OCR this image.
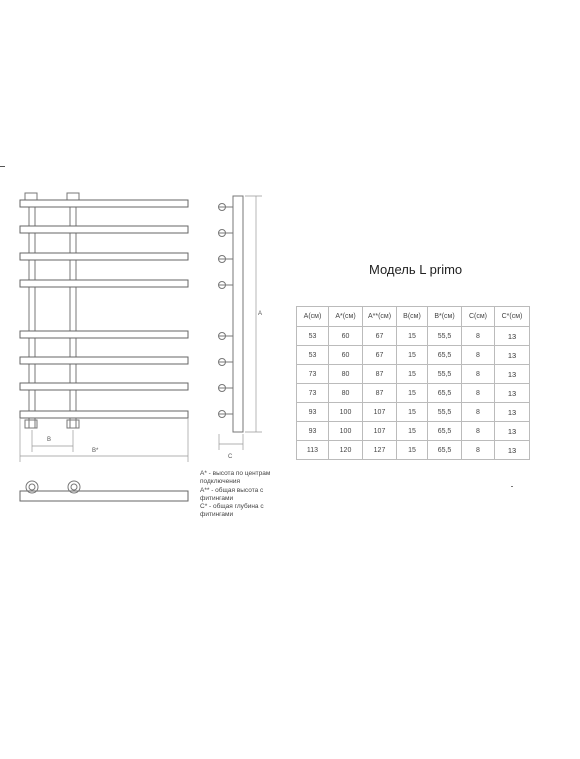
B
B*
A
C
Модель L primo
A(см)	A*(см)	A**(см)	B(см)	B*(см)	C(см)	C*(см)
53	60	67	15	55,5	8	13
53	60	67	15	65,5	8	13
73	80	87	15	55,5	8	13
73	80	87	15	65,5	8	13
93	100	107	15	55,5	8	13
93	100	107	15	65,5	8	13
113	120	127	15	65,5	8	13

A* - высота по центрам подключения

A** - общая высота с фитингами

C* - общая глубина с фитингами
